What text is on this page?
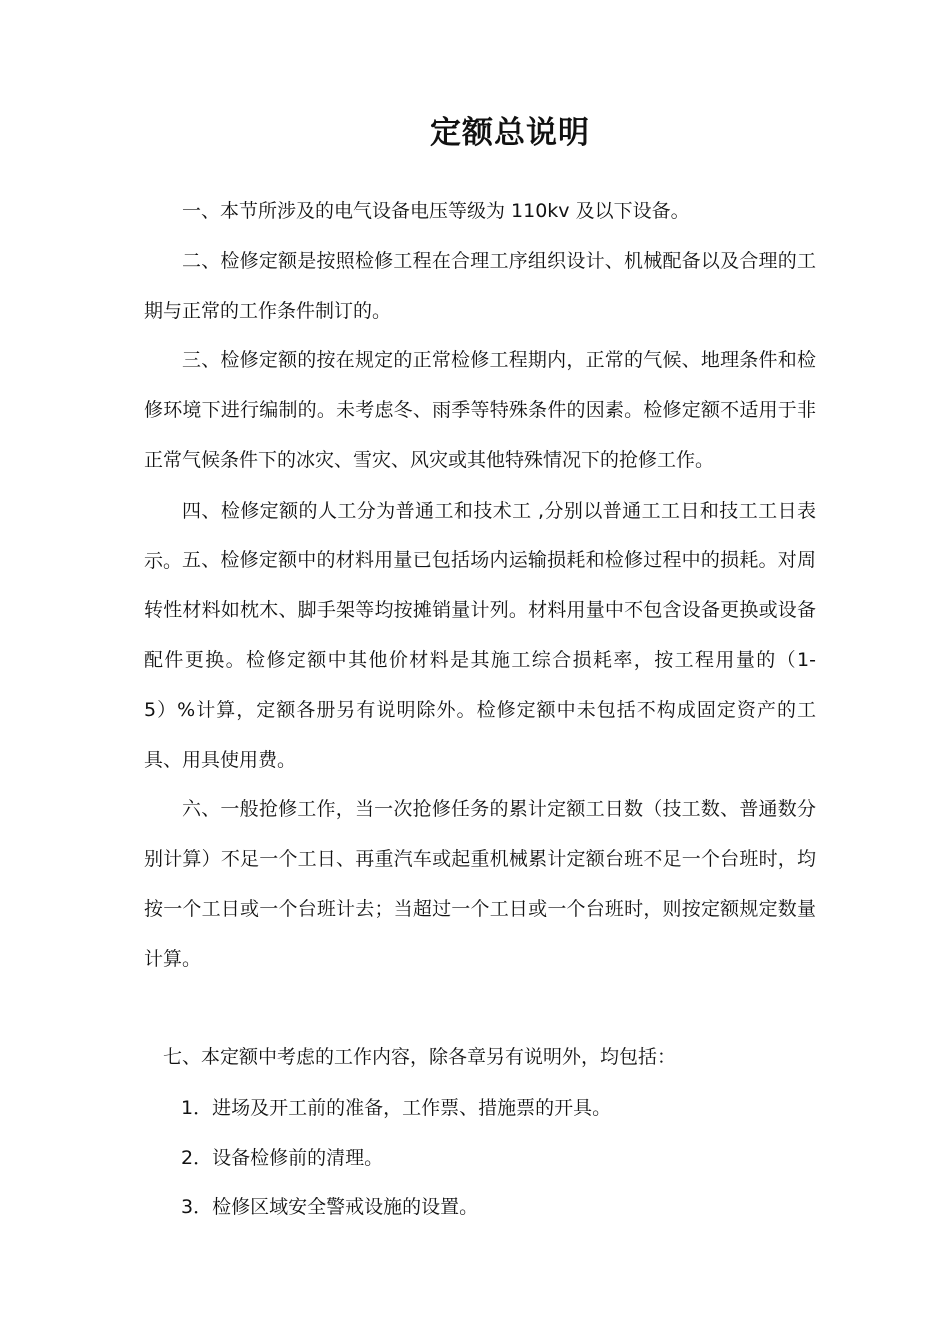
定额总说明
一、本节所涉及的电气设备电压等级为 110kv 及以下设备。
二、检修定额是按照检修工程在合理工序组织设计、机械配备以及合理的工期与正常的工作条件制订的。
三、检修定额的按在规定的正常检修工程期内，正常的气候、地理条件和检修环境下进行编制的。未考虑冬、雨季等特殊条件的因素。检修定额不适用于非正常气候条件下的冰灾、雪灾、风灾或其他特殊情况下的抢修工作。
四、检修定额的人工分为普通工和技术工 ,分别以普通工工日和技工工日表示。 五、检修定额中的材料用量已包括场内运输损耗和检修过程中的损耗。对周转性材料如枕木、脚手架等均按摊销量计列。材料用量中不包含设备更换或设备配件更换。检修定额中其他价材料是其施工综合损耗率，按工程用量的（1-5）%计算，定额各册另有说明除外。检修定额中未包括不构成固定资产的工具、用具使用费。
六、一般抢修工作，当一次抢修任务的累计定额工日数（技工数、普通数分别计算）不足一个工日、再重汽车或起重机械累计定额台班不足一个台班时，均按一个工日或一个台班计去；当超过一个工日或一个台班时，则按定额规定数量计算。
七、本定额中考虑的工作内容，除各章另有说明外，均包括：
1．进场及开工前的准备，工作票、措施票的开具。
2．设备检修前的清理。
3．检修区域安全警戒设施的设置。
